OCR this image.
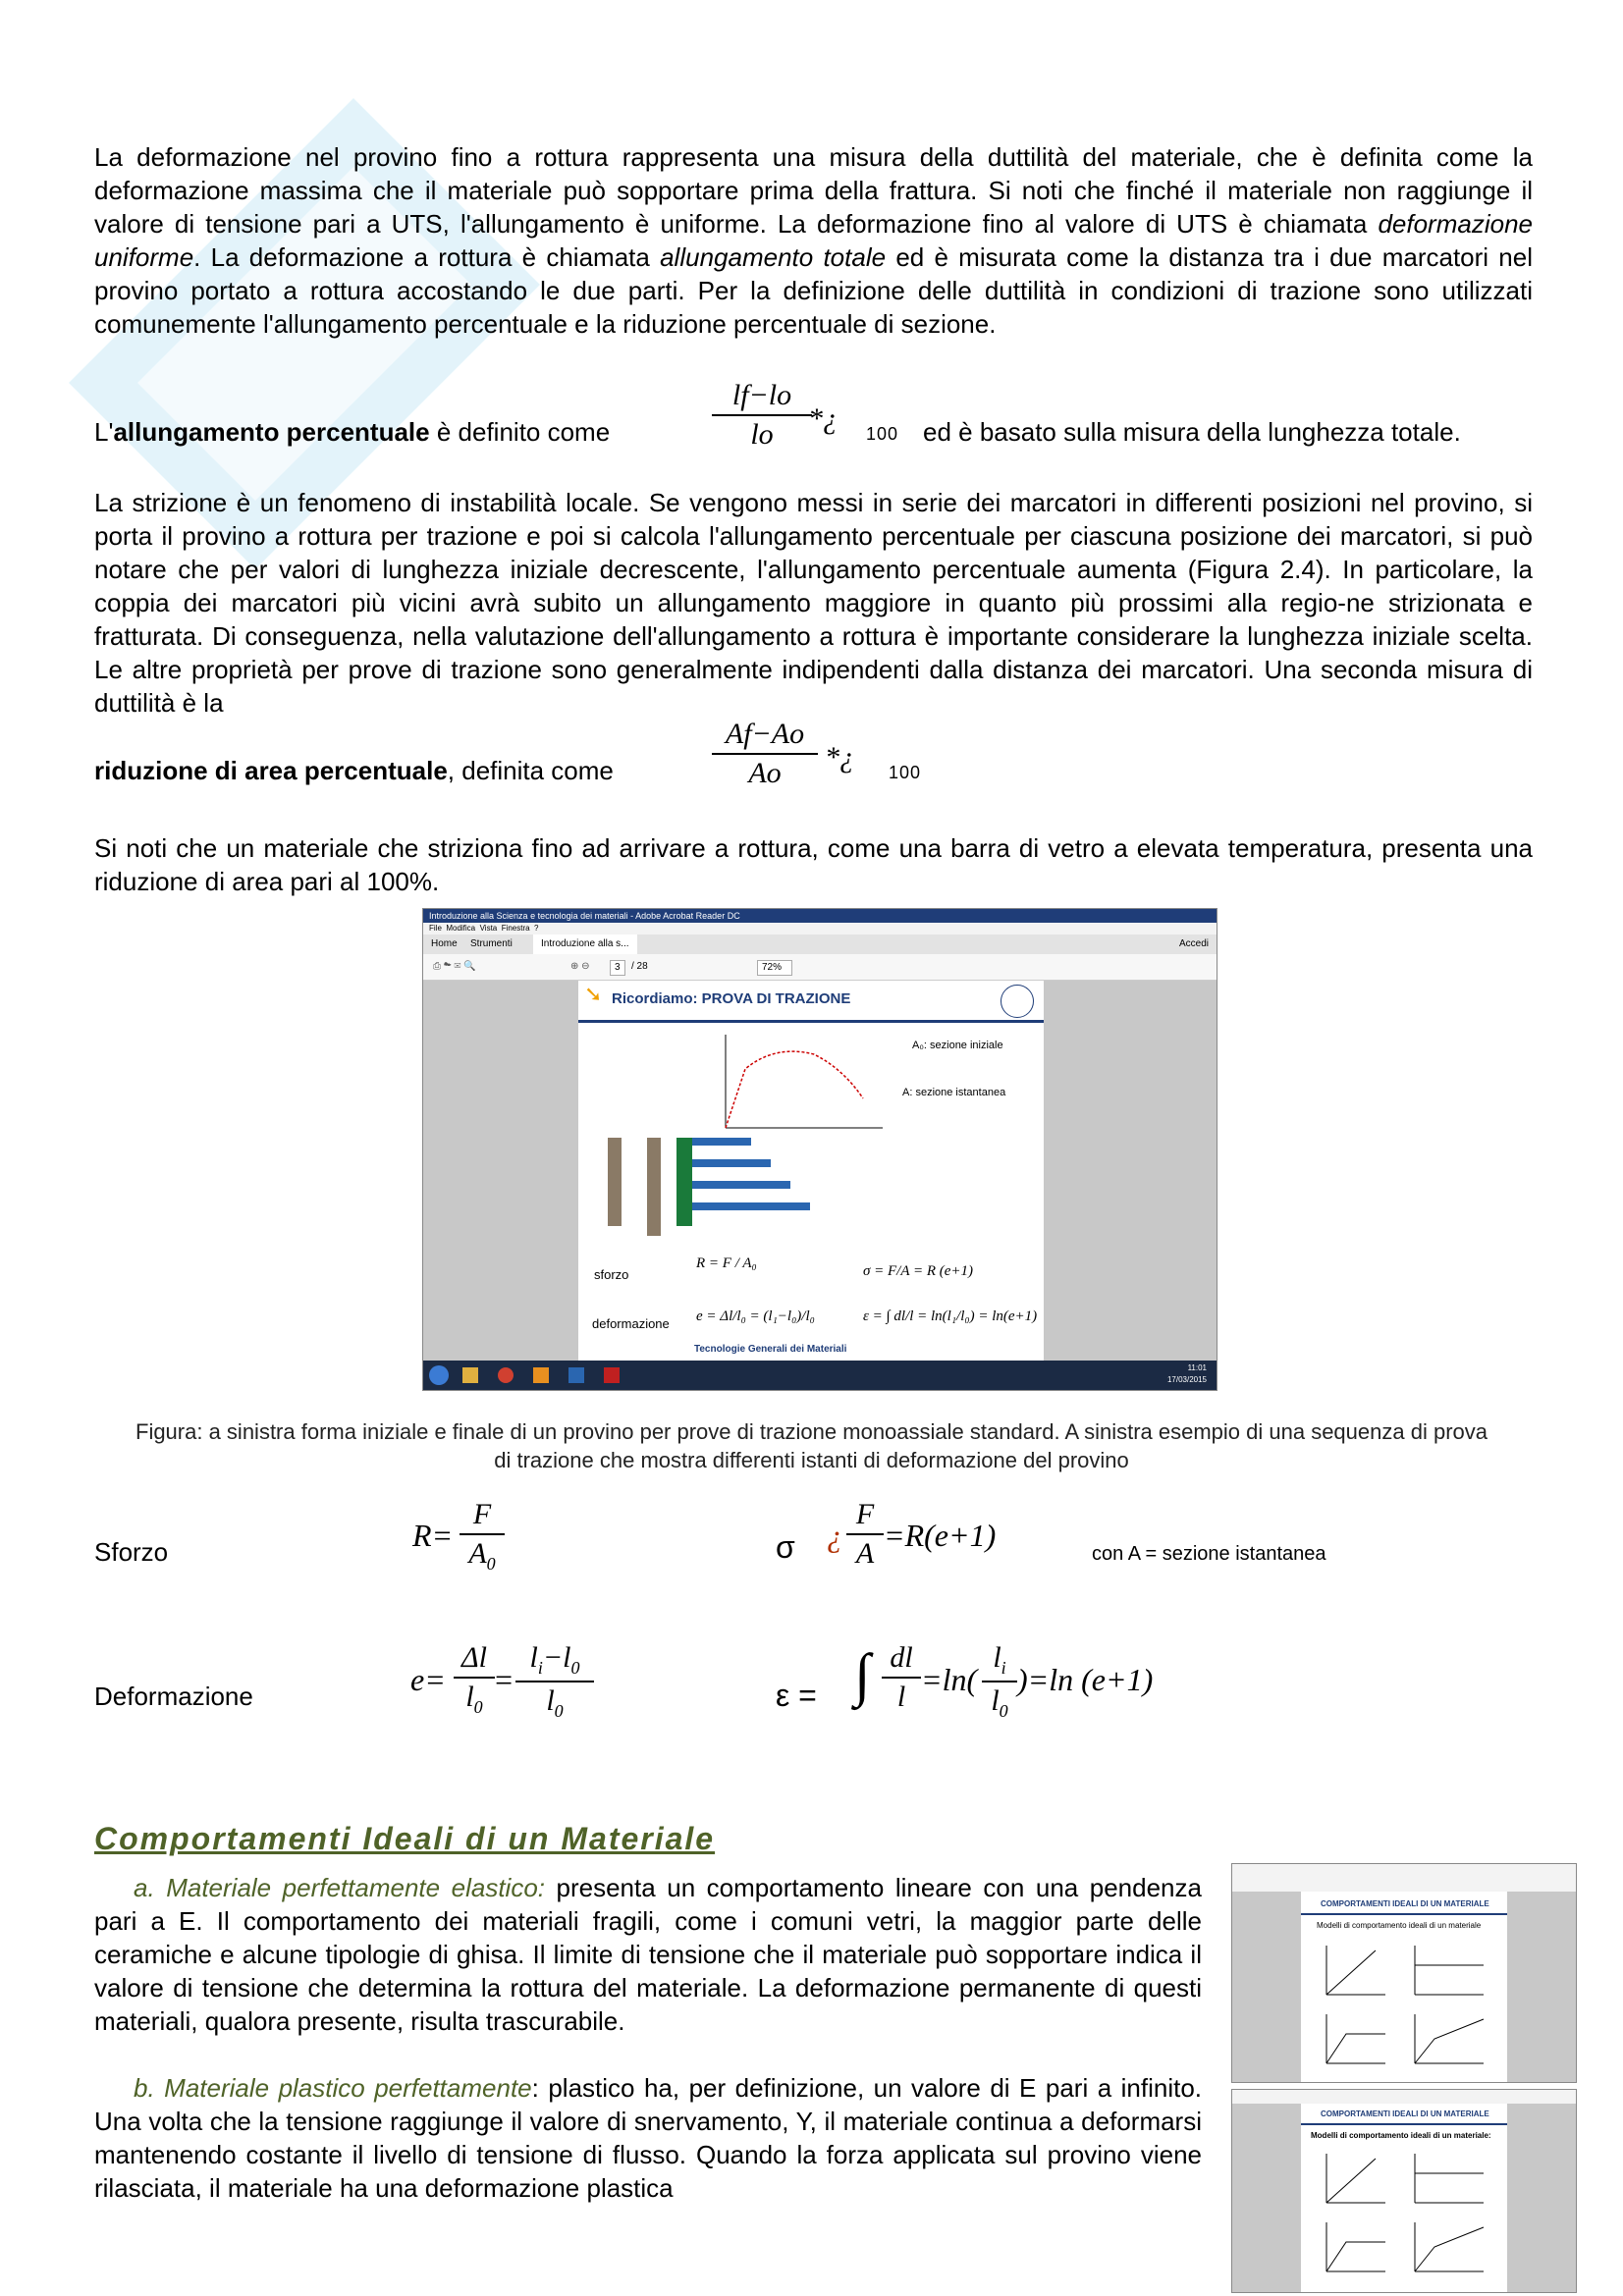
La deformazione nel provino fino a rottura rappresenta una misura della duttilità del materiale, che è definita come la deformazione massima che il materiale può sopportare prima della frattura. Si noti che finché il materiale non raggiunge il valore di tensione pari a UTS, l'allungamento è uniforme. La deformazione fino al valore di UTS è chiamata deformazione uniforme. La deformazione a rottura è chiamata allungamento totale ed è misurata come la distanza tra i due marcatori nel provino portato a rottura accostando le due parti. Per la definizione delle duttilità in condizioni di trazione sono utilizzati comunemente l'allungamento percentuale e la riduzione percentuale di sezione.
L'allungamento percentuale è definito come
lf−lo
lo	*¿ 100 ed è basato sulla misura della lunghezza totale.
La strizione è un fenomeno di instabilità locale. Se vengono messi in serie dei marcatori in differenti posizioni nel provino, si porta il provino a rottura per trazione e poi si calcola l'allungamento percentuale per ciascuna posizione dei marcatori, si può notare che per valori di lunghezza iniziale decrescente, l'allungamento percentuale aumenta (Figura 2.4). In particolare, la coppia dei marcatori più vicini avrà subito un allungamento maggiore in quanto più prossimi alla regio-ne strizionata e fratturata. Di conseguenza, nella valutazione dell'allungamento a rottura è importante considerare la lunghezza iniziale scelta. Le altre proprietà per prove di trazione sono generalmente indipendenti dalla distanza dei marcatori. Una seconda misura di duttilità è la
riduzione di area percentuale, definita come
Af−Ao
Ao	*¿ 100
Si noti che un materiale che striziona fino ad arrivare a rottura, come una barra di vetro a elevata temperatura, presenta una riduzione di area pari al 100%.
Introduzione alla Scienza e tecnologia dei materiali - Adobe Acrobat Reader DC
File Modifica Vista Finestra ?
Home Strumenti	Introduzione alla s...	Accedi
⎙ ☁ ✉ 🔍	⊕ ⊖	3	/ 28	72%
➘ Ricordiamo: PROVA DI TRAZIONE
A₀: sezione iniziale
A: sezione istantanea
sforzo
deformazione
R = F / A₀	σ = F/A = R (e+1)
e = Δl/l₀ = (l₁−l₀)/l₀	ε = ∫ dl/l = ln(l₁/l₀) = ln(e+1)
Tecnologie Generali dei Materiali
11:01
17/03/2015
Figura: a sinistra forma iniziale e finale di un provino per prove di trazione monoassiale standard. A sinistra esempio di una sequenza di prova di trazione che mostra differenti istanti di deformazione del provino
Sforzo	R=
F
$A_0$	σ ¿
F
A
=R(e+1)
con A = sezione istantanea
Deformazione	e=
Δl
$l_0$
=
$l_i-l_0$
$l_0$	ε = ∫ dl
l =ln(
$l_i$
$l_0$
)=ln (e+1)
Comportamenti Ideali di un Materiale
a. Materiale perfettamente elastico: presenta un comportamento lineare con una pendenza pari a E. Il comportamento dei materiali fragili, come i comuni vetri, la maggior parte delle ceramiche e alcune tipologie di ghisa. Il limite di tensione che il materiale può sopportare indica il valore di tensione che determina la rottura del materiale. La deformazione permanente di questi materiali, qualora presente, risulta trascurabile.
b. Materiale plastico perfettamente: plastico ha, per definizione, un valore di E pari a infinito. Una volta che la tensione raggiunge il valore di snervamento, Y, il materiale continua a deformarsi mantenendo costante il livello di tensione di flusso. Quando la forza applicata sul provino viene rilasciata, il materiale ha una deformazione plastica
COMPORTAMENTI IDEALI DI UN MATERIALE
Modelli di comportamento ideali di un materiale
COMPORTAMENTI IDEALI DI UN MATERIALE
Modelli di comportamento ideali di un materiale:
